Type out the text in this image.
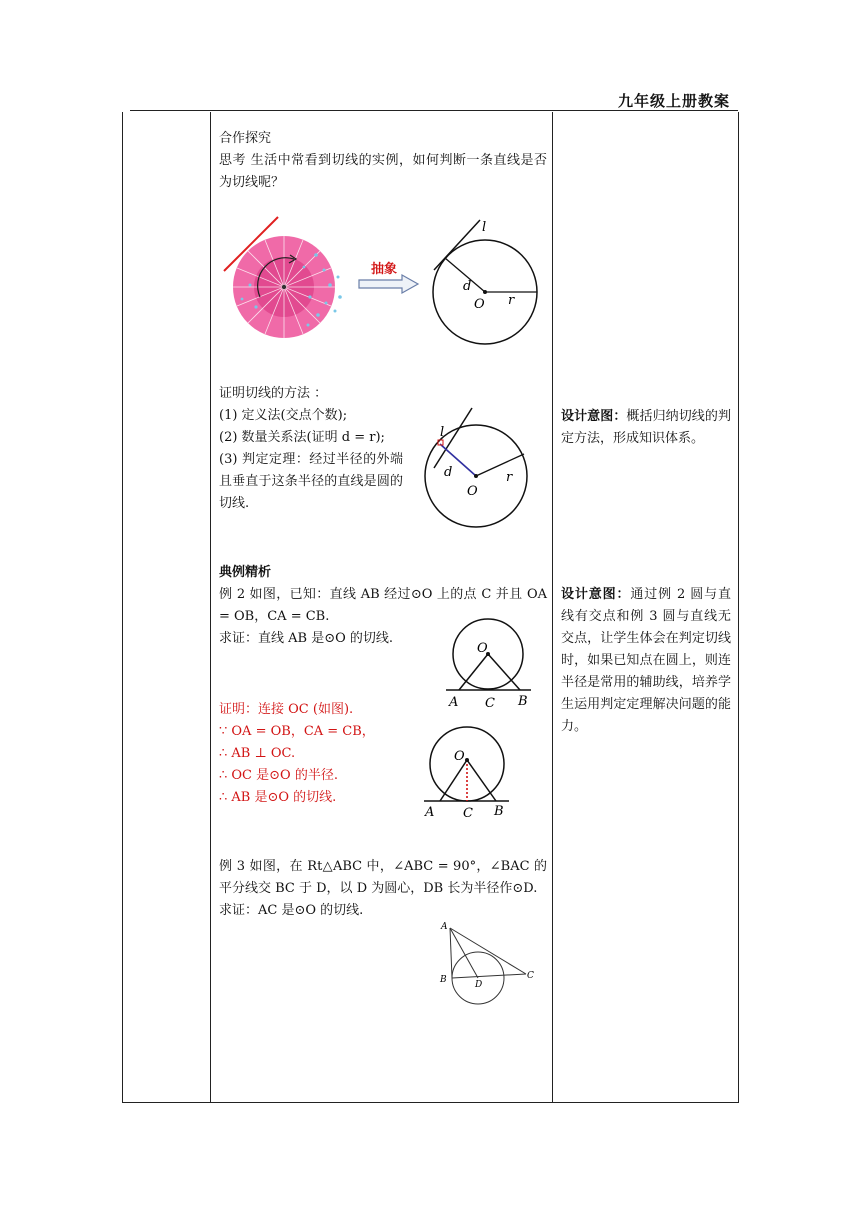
九年级上册教案

合作探究

思考 生活中常看到切线的实例，如何判断一条直线是否为切线呢？

证明切线的方法 ：

(1) 定义法(交点个数);

(2) 数量关系法(证明 d = r);

(3) 判定定理：经过半径的外端且垂直于这条半径的直线是圆的切线.

典例精析

例 2 如图，已知：直线 AB 经过⊙O 上的点 C 并且 OA = OB，CA = CB.

求证：直线 AB 是⊙O 的切线.

证明：连接 OC (如图).

∵ OA = OB，CA = CB，

∴ AB ⊥ OC.

∴ OC 是⊙O 的半径.

∴ AB 是⊙O 的切线.

例 3 如图，在 Rt△ABC 中，∠ABC = 90°，∠BAC 的平分线交 BC 于 D，以 D 为圆心，DB 长为半径作⊙D.

求证：AC 是⊙O 的切线.

设计意图：概括归纳切线的判定方法，形成知识体系。
设计意图：通过例 2 圆与直线有交点和例 3 圆与直线无交点，让学生体会在判定切线时，如果已知点在圆上，则连半径是常用的辅助线，培养学生运用判定定理解决问题的能力。
抽象
l
d
O r
l
d
O
r
O
A C B
O
A C B
A
B	D
C
